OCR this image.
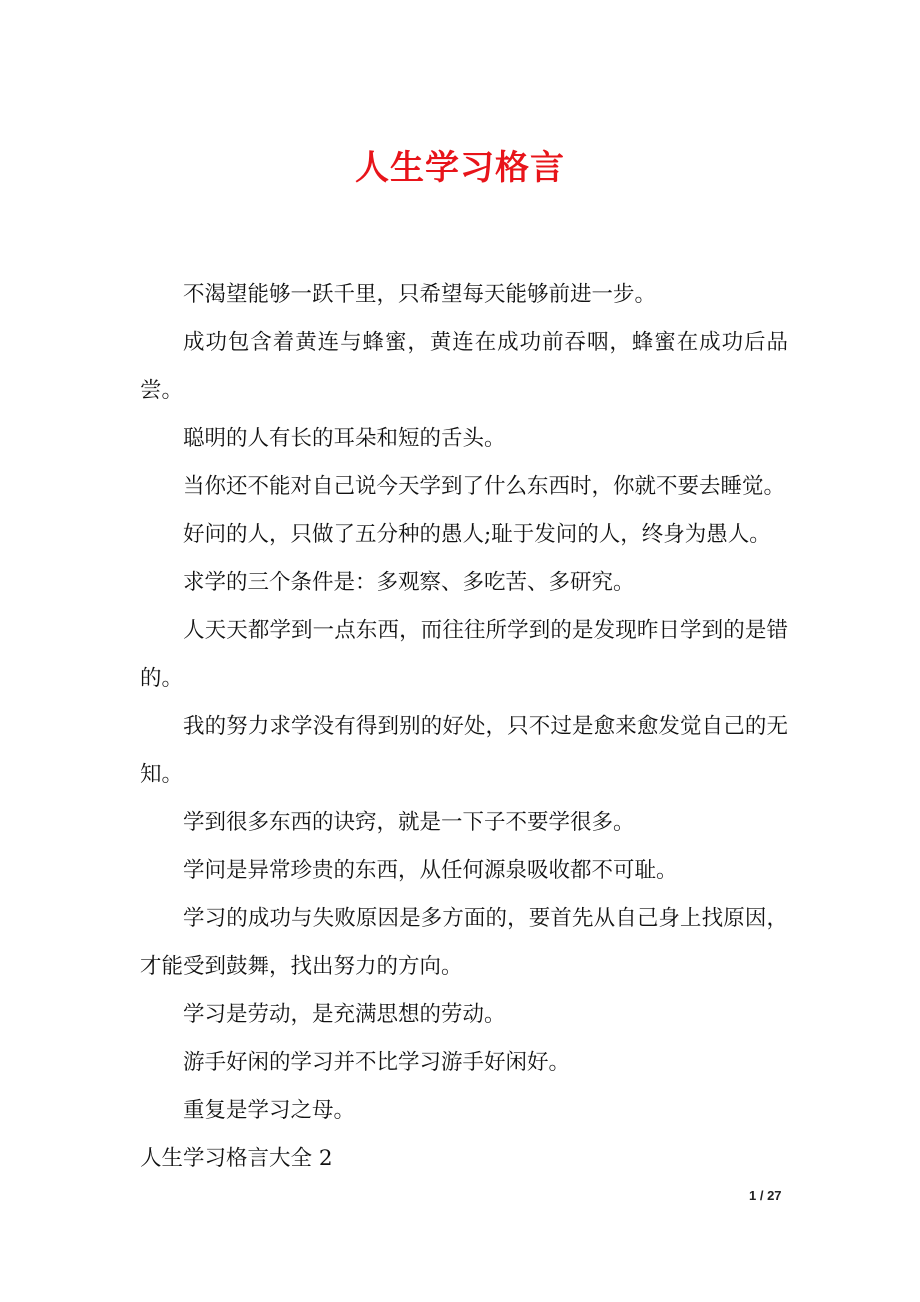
人生学习格言

不渴望能够一跃千里，只希望每天能够前进一步。

成功包含着黄连与蜂蜜，黄连在成功前吞咽，蜂蜜在成功后品尝。

聪明的人有长的耳朵和短的舌头。

当你还不能对自己说今天学到了什么东西时，你就不要去睡觉。

好问的人，只做了五分种的愚人;耻于发问的人，终身为愚人。

求学的三个条件是：多观察、多吃苦、多研究。

人天天都学到一点东西，而往往所学到的是发现昨日学到的是错的。

我的努力求学没有得到别的好处，只不过是愈来愈发觉自己的无知。

学到很多东西的诀窍，就是一下子不要学很多。

学问是异常珍贵的东西，从任何源泉吸收都不可耻。

学习的成功与失败原因是多方面的，要首先从自己身上找原因，才能受到鼓舞，找出努力的方向。

学习是劳动，是充满思想的劳动。

游手好闲的学习并不比学习游手好闲好。

重复是学习之母。

人生学习格言大全 2

1 / 27
